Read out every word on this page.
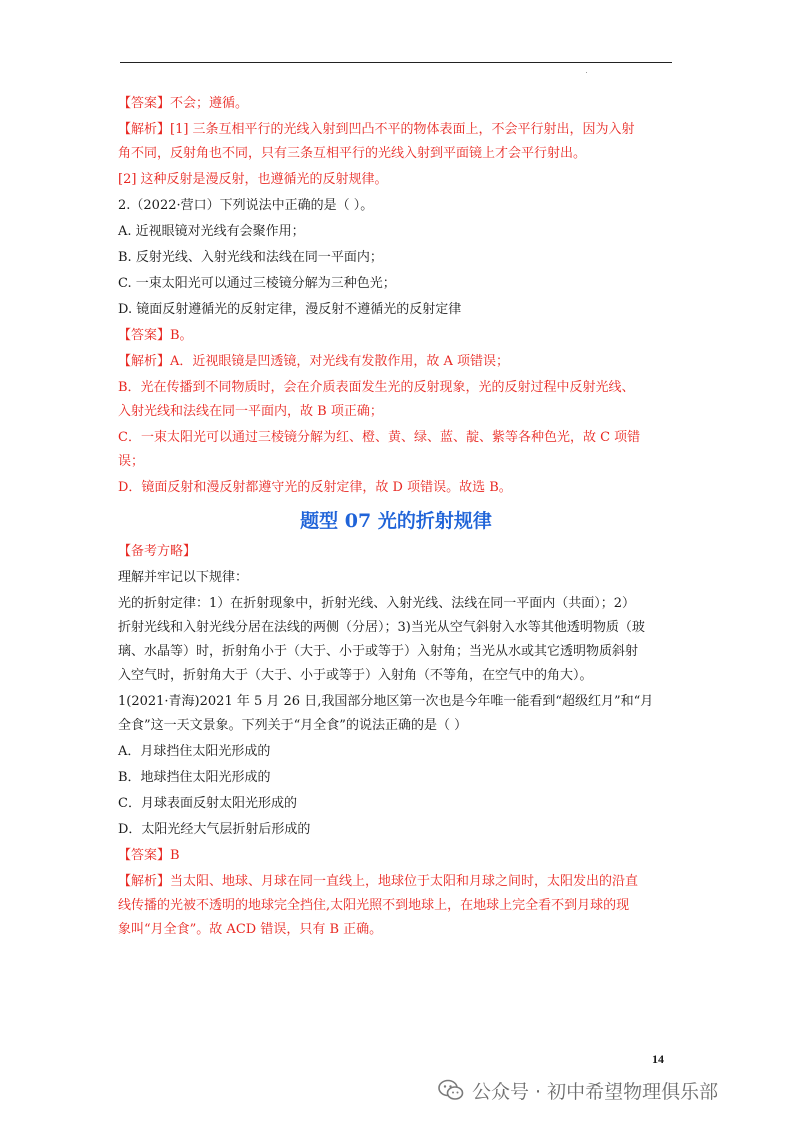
【答案】不会；遵循。

【解析】[1] 三条互相平行的光线入射到凹凸不平的物体表面上，不会平行射出，因为入射

角不同，反射角也不同，只有三条互相平行的光线入射到平面镜上才会平行射出。

[2] 这种反射是漫反射，也遵循光的反射规律。

2.（2022·营口）下列说法中正确的是（ ）。

A. 近视眼镜对光线有会聚作用；

B. 反射光线、入射光线和法线在同一平面内；

C. 一束太阳光可以通过三棱镜分解为三种色光；

D. 镜面反射遵循光的反射定律，漫反射不遵循光的反射定律

【答案】B。

【解析】A．近视眼镜是凹透镜，对光线有发散作用，故 A 项错误；

B．光在传播到不同物质时，会在介质表面发生光的反射现象，光的反射过程中反射光线、

入射光线和法线在同一平面内，故 B 项正确；

C．一束太阳光可以通过三棱镜分解为红、橙、黄、绿、蓝、靛、紫等各种色光，故 C 项错

误；

D．镜面反射和漫反射都遵守光的反射定律，故 D 项错误。故选 B。

题型 07 光的折射规律

【备考方略】

理解并牢记以下规律：

光的折射定律：1）在折射现象中，折射光线、入射光线、法线在同一平面内（共面）；2）

折射光线和入射光线分居在法线的两侧（分居）；3)当光从空气斜射入水等其他透明物质（玻

璃、水晶等）时，折射角小于（大于、小于或等于）入射角；当光从水或其它透明物质斜射

入空气时，折射角大于（大于、小于或等于）入射角（不等角，在空气中的角大）。

1(2021·青海)2021 年 5 月 26 日,我国部分地区第一次也是今年唯一能看到“超级红月”和“月

全食”这一天文景象。下列关于“月全食”的说法正确的是（ ）

A．月球挡住太阳光形成的

B．地球挡住太阳光形成的

C．月球表面反射太阳光形成的

D．太阳光经大气层折射后形成的

【答案】B

【解析】当太阳、地球、月球在同一直线上，地球位于太阳和月球之间时，太阳发出的沿直

线传播的光被不透明的地球完全挡住,太阳光照不到地球上，在地球上完全看不到月球的现

象叫“月全食”。故 ACD 错误，只有 B 正确。

14
公众号 · 初中希望物理俱乐部
